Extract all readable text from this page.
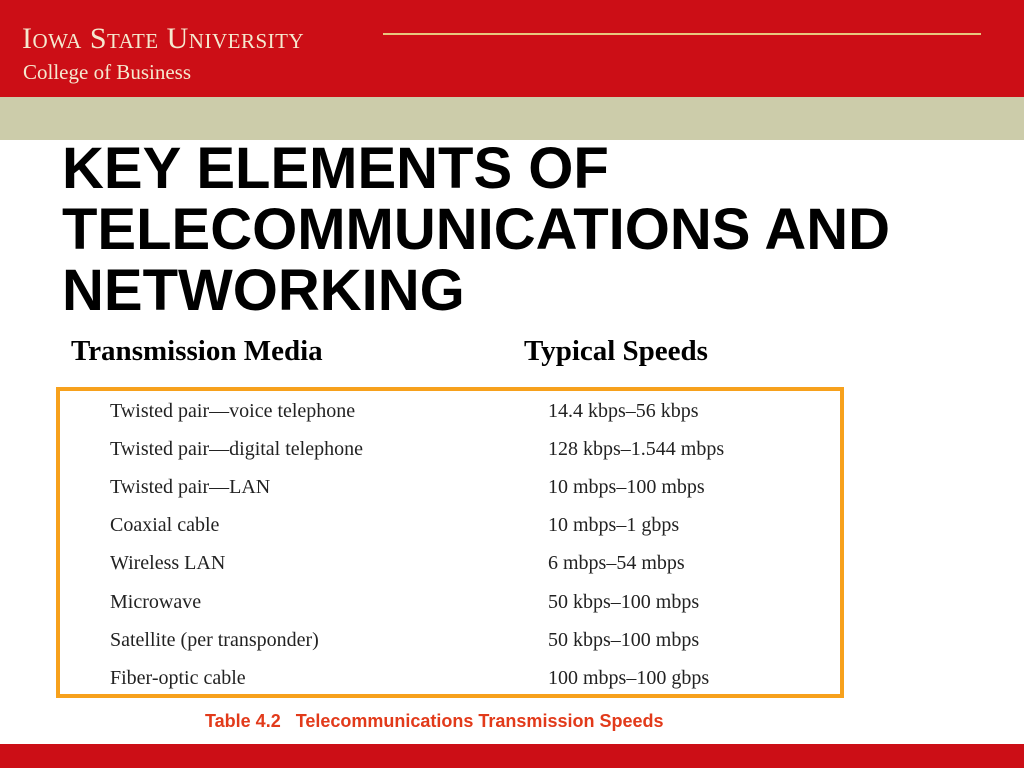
Iowa State University
College of Business
KEY ELEMENTS OF TELECOMMUNICATIONS AND NETWORKING
Transmission Media	Typical Speeds
Twisted pair—voice telephone	14.4 kbps–56 kbps
Twisted pair—digital telephone	128 kbps–1.544 mbps
Twisted pair—LAN	10 mbps–100 mbps
Coaxial cable	10 mbps–1 gbps
Wireless LAN	6 mbps–54 mbps
Microwave	50 kbps–100 mbps
Satellite (per transponder)	50 kbps–100 mbps
Fiber-optic cable	100 mbps–100 gbps
Table 4.2   Telecommunications Transmission Speeds
